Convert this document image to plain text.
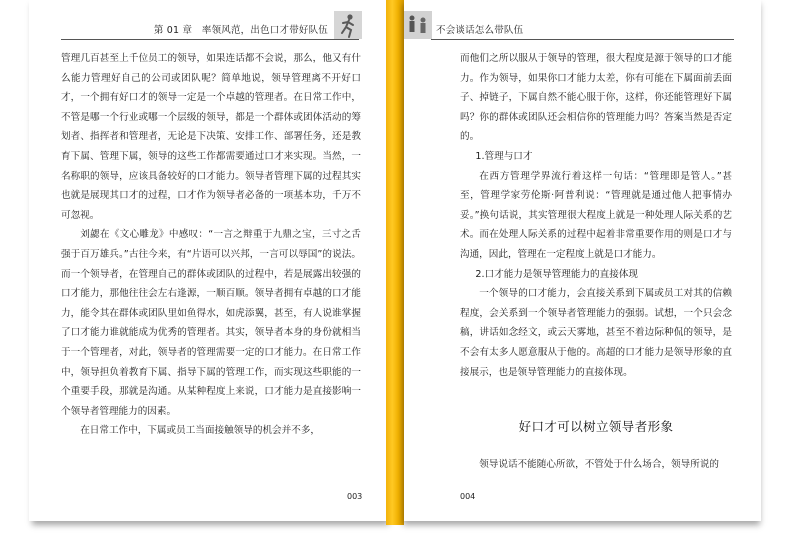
第 01 章　率领风范，出色口才带好队伍

管理几百甚至上千位员工的领导，如果连话都不会说，那么，他又有什么能力管理好自己的公司或团队呢？简单地说，领导管理离不开好口才，一个拥有好口才的领导一定是一个卓越的管理者。在日常工作中，不管是哪一个行业或哪一个层级的领导，都是一个群体或团体活动的筹划者、指挥者和管理者，无论是下决策、安排工作、部署任务，还是教育下属、管理下属，领导的这些工作都需要通过口才来实现。当然，一名称职的领导，应该具备较好的口才能力。领导者管理下属的过程其实也就是展现其口才的过程，口才作为领导者必备的一项基本功，千万不可忽视。

刘勰在《文心雕龙》中感叹：“一言之辩重于九鼎之宝，三寸之舌强于百万雄兵。”古往今来，有“片语可以兴邦，一言可以辱国”的说法。而一个领导者，在管理自己的群体或团队的过程中，若是展露出较强的口才能力，那他往往会左右逢源，一顺百顺。领导者拥有卓越的口才能力，能令其在群体或团队里如鱼得水，如虎添翼，甚至，有人说谁掌握了口才能力谁就能成为优秀的管理者。其实，领导者本身的身份就相当于一个管理者，对此，领导者的管理需要一定的口才能力。在日常工作中，领导担负着教育下属、指导下属的管理工作，而实现这些职能的一个重要手段，那就是沟通。从某种程度上来说，口才能力是直接影响一个领导者管理能力的因素。

在日常工作中，下属或员工当面接触领导的机会并不多，

003
不会谈话怎么带队伍

而他们之所以服从于领导的管理，很大程度是源于领导的口才能力。作为领导，如果你口才能力太差，你有可能在下属面前丢面子、掉链子，下属自然不能心服于你，这样，你还能管理好下属吗？你的群体或团队还会相信你的管理能力吗？答案当然是否定的。

1.管理与口才

在西方管理学界流行着这样一句话：“管理即是管人。”甚至，管理学家劳伦斯·阿普利说：“管理就是通过他人把事情办妥。”换句话说，其实管理很大程度上就是一种处理人际关系的艺术。而在处理人际关系的过程中起着非常重要作用的则是口才与沟通，因此，管理在一定程度上就是口才能力。

2.口才能力是领导管理能力的直接体现

一个领导的口才能力，会直接关系到下属或员工对其的信赖程度，会关系到一个领导者管理能力的强弱。试想，一个只会念稿，讲话如念经文，或云天雾地，甚至不着边际种侃的领导，是不会有太多人愿意服从于他的。高超的口才能力是领导形象的直接展示，也是领导管理能力的直接体现。

好口才可以树立领导者形象
领导说话不能随心所欲，不管处于什么场合，领导所说的
004
